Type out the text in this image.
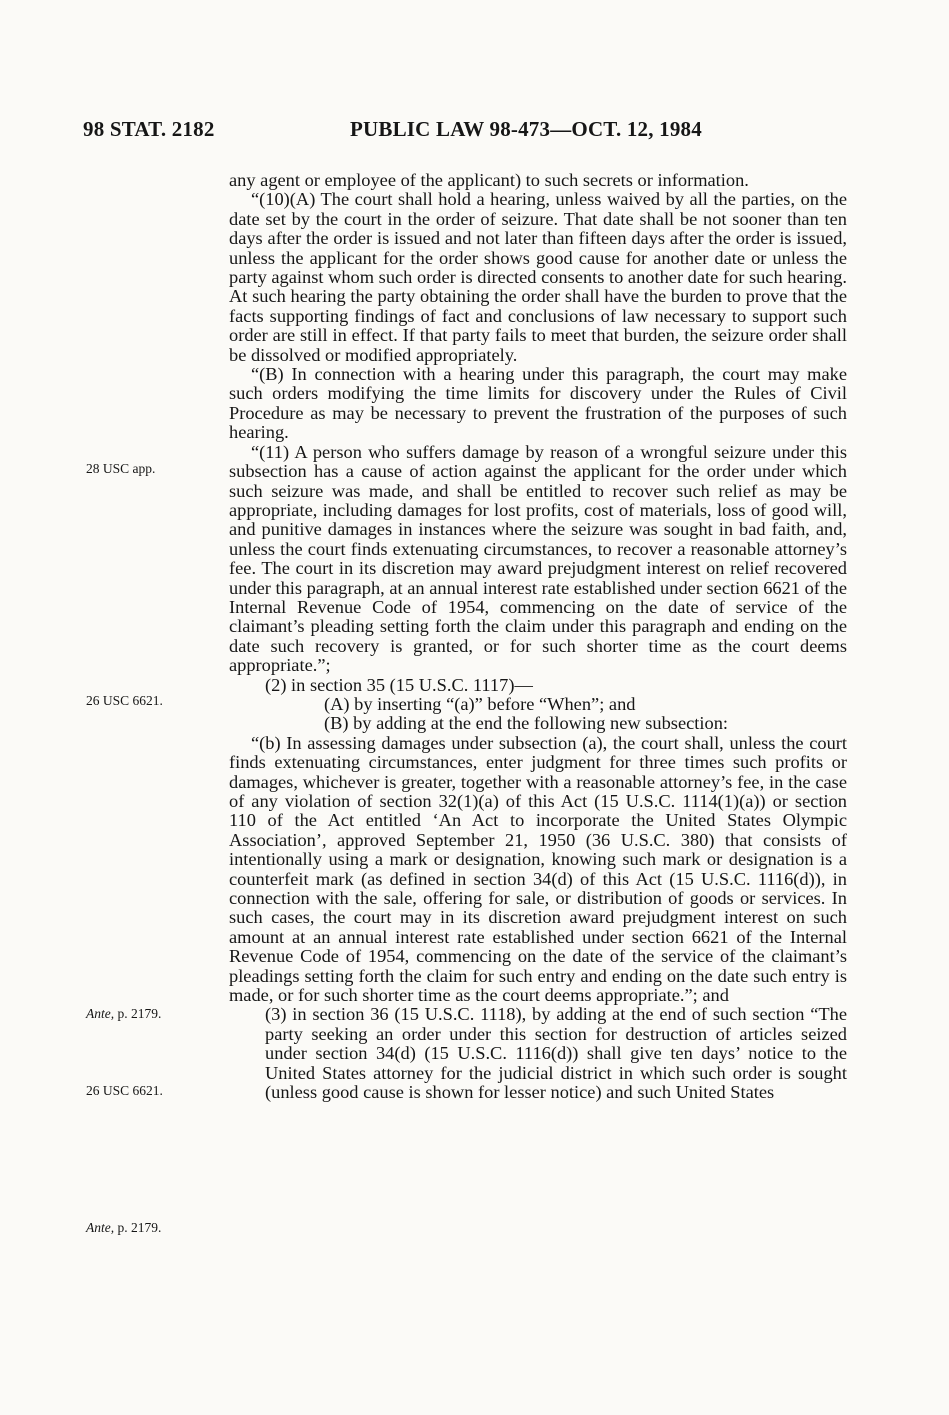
98 STAT. 2182	PUBLIC LAW 98-473—OCT. 12, 1984
28 USC app.
26 USC 6621.
Ante, p. 2179.
26 USC 6621.
Ante, p. 2179.

any agent or employee of the applicant) to such secrets or information.

“(10)(A) The court shall hold a hearing, unless waived by all the parties, on the date set by the court in the order of seizure. That date shall be not sooner than ten days after the order is issued and not later than fifteen days after the order is issued, unless the applicant for the order shows good cause for another date or unless the party against whom such order is directed consents to another date for such hearing. At such hearing the party obtaining the order shall have the burden to prove that the facts supporting findings of fact and conclusions of law necessary to support such order are still in effect. If that party fails to meet that burden, the seizure order shall be dissolved or modified appropriately.

“(B) In connection with a hearing under this paragraph, the court may make such orders modifying the time limits for discovery under the Rules of Civil Procedure as may be necessary to prevent the frustration of the purposes of such hearing.

“(11) A person who suffers damage by reason of a wrongful seizure under this subsection has a cause of action against the applicant for the order under which such seizure was made, and shall be entitled to recover such relief as may be appropriate, including damages for lost profits, cost of materials, loss of good will, and punitive damages in instances where the seizure was sought in bad faith, and, unless the court finds extenuating circumstances, to recover a reasonable attorney’s fee. The court in its discretion may award prejudgment interest on relief recovered under this paragraph, at an annual interest rate established under section 6621 of the Internal Revenue Code of 1954, commencing on the date of service of the claimant’s pleading setting forth the claim under this paragraph and ending on the date such recovery is granted, or for such shorter time as the court deems appropriate.”;

(2) in section 35 (15 U.S.C. 1117)—

(A) by inserting “(a)” before “When”; and

(B) by adding at the end the following new subsection:

“(b) In assessing damages under subsection (a), the court shall, unless the court finds extenuating circumstances, enter judgment for three times such profits or damages, whichever is greater, together with a reasonable attorney’s fee, in the case of any violation of section 32(1)(a) of this Act (15 U.S.C. 1114(1)(a)) or section 110 of the Act entitled ‘An Act to incorporate the United States Olympic Association’, approved September 21, 1950 (36 U.S.C. 380) that consists of intentionally using a mark or designation, knowing such mark or designation is a counterfeit mark (as defined in section 34(d) of this Act (15 U.S.C. 1116(d)), in connection with the sale, offering for sale, or distribution of goods or services. In such cases, the court may in its discretion award prejudgment interest on such amount at an annual interest rate established under section 6621 of the Internal Revenue Code of 1954, commencing on the date of the service of the claimant’s pleadings setting forth the claim for such entry and ending on the date such entry is made, or for such shorter time as the court deems appropriate.”; and

(3) in section 36 (15 U.S.C. 1118), by adding at the end of such section “The party seeking an order under this section for destruction of articles seized under section 34(d) (15 U.S.C. 1116(d)) shall give ten days’ notice to the United States attorney for the judicial district in which such order is sought (unless good cause is shown for lesser notice) and such United States
